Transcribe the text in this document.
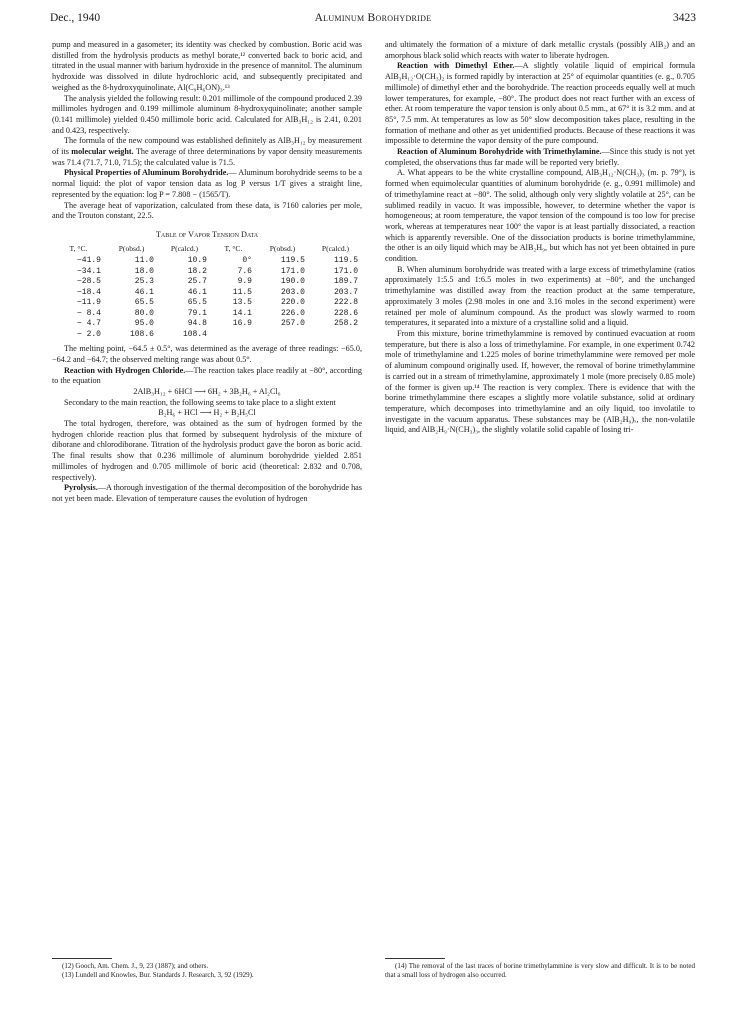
Dec., 1940	Aluminum Borohydride	3423

pump and measured in a gasometer; its identity was checked by combustion. Boric acid was distilled from the hydrolysis products as methyl borate,¹² converted back to boric acid, and titrated in the usual manner with barium hydroxide in the presence of mannitol. The aluminum hydroxide was dissolved in dilute hydrochloric acid, and subsequently precipitated and weighed as the 8-hydroxyquinolinate, Al(C₉H₆ON)₃.¹³

The analysis yielded the following result: 0.201 millimole of the compound produced 2.39 millimoles hydrogen and 0.199 millimole aluminum 8-hydroxyquinolinate; another sample (0.141 millimole) yielded 0.450 millimole boric acid. Calculated for AlB₃H₁₂ is 2.41, 0.201 and 0.423, respectively.

The formula of the new compound was established definitely as AlB₃H₁₂ by measurement of its molecular weight. The average of three determinations by vapor density measurements was 71.4 (71.7, 71.0, 71.5); the calculated value is 71.5.

Physical Properties of Aluminum Borohydride.— Aluminum borohydride seems to be a normal liquid: the plot of vapor tension data as log P versus 1/T gives a straight line, represented by the equation: log P = 7.808 − (1565/T).

The average heat of vaporization, calculated from these data, is 7160 calories per mole, and the Trouton constant, 22.5.

Table of Vapor Tension Data
T, °C.	P(obsd.)	P(calcd.)	T, °C.	P(obsd.)	P(calcd.)
−41.9	11.0	10.9	0°	119.5	119.5
−34.1	18.0	18.2	7.6	171.0	171.0
−28.5	25.3	25.7	9.9	190.0	189.7
−18.4	46.1	46.1	11.5	203.0	203.7
−11.9	65.5	65.5	13.5	220.0	222.8
− 8.4	80.0	79.1	14.1	226.0	228.6
− 4.7	95.0	94.8	16.9	257.0	258.2
− 2.0	108.6	108.4			

The melting point, −64.5 ± 0.5°, was determined as the average of three readings: −65.0, −64.2 and −64.7; the observed melting range was about 0.5°.

Reaction with Hydrogen Chloride.—The reaction takes place readily at −80°, according to the equation

2AlB₃H₁₂ + 6HCl ⟶ 6H₂ + 3B₂H₆ + Al₂Cl₆

Secondary to the main reaction, the following seems to take place to a slight extent

B₂H₆ + HCl ⟶ H₂ + B₂H₅Cl

The total hydrogen, therefore, was obtained as the sum of hydrogen formed by the hydrogen chloride reaction plus that formed by subsequent hydrolysis of the mixture of diborane and chlorodiborane. Titration of the hydrolysis product gave the boron as boric acid. The final results show that 0.236 millimole of aluminum borohydride yielded 2.851 millimoles of hydrogen and 0.705 millimole of boric acid (theoretical: 2.832 and 0.708, respectively).

Pyrolysis.—A thorough investigation of the thermal decomposition of the borohydride has not yet been made. Elevation of temperature causes the evolution of hydrogen

and ultimately the formation of a mixture of dark metallic crystals (possibly AlB₂) and an amorphous black solid which reacts with water to liberate hydrogen.

Reaction with Dimethyl Ether.—A slightly volatile liquid of empirical formula AlB₃H₁₂·O(CH₃)₂ is formed rapidly by interaction at 25° of equimolar quantities (e. g., 0.705 millimole) of dimethyl ether and the borohydride. The reaction proceeds equally well at much lower temperatures, for example, −80°. The product does not react further with an excess of ether. At room temperature the vapor tension is only about 0.5 mm., at 67° it is 3.2 mm. and at 85°, 7.5 mm. At temperatures as low as 50° slow decomposition takes place, resulting in the formation of methane and other as yet unidentified products. Because of these reactions it was impossible to determine the vapor density of the pure compound.

Reaction of Aluminum Borohydride with Trimethylamine.—Since this study is not yet completed, the observations thus far made will be reported very briefly.

A. What appears to be the white crystalline compound, AlB₃H₁₂·N(CH₃)₃ (m. p. 79°), is formed when equimolecular quantities of aluminum borohydride (e. g., 0.991 millimole) and of trimethylamine react at −80°. The solid, although only very slightly volatile at 25°, can be sublimed readily in vacuo. It was impossible, however, to determine whether the vapor is homogeneous; at room temperature, the vapor tension of the compound is too low for precise work, whereas at temperatures near 100° the vapor is at least partially dissociated, a reaction which is apparently reversible. One of the dissociation products is borine trimethylammine, the other is an oily liquid which may be AlB₂H₉, but which has not yet been obtained in pure condition.

B. When aluminum borohydride was treated with a large excess of trimethylamine (ratios approximately 1:5.5 and 1:6.5 moles in two experiments) at −80°, and the unchanged trimethylamine was distilled away from the reaction product at the same temperature, approximately 3 moles (2.98 moles in one and 3.16 moles in the second experiment) were retained per mole of aluminum compound. As the product was slowly warmed to room temperatures, it separated into a mixture of a crystalline solid and a liquid.

From this mixture, borine trimethylammine is removed by continued evacuation at room temperature, but there is also a loss of trimethylamine. For example, in one experiment 0.742 mole of trimethylamine and 1.225 moles of borine trimethylammine were removed per mole of aluminum compound originally used. If, however, the removal of borine trimethylammine is carried out in a stream of trimethylamine, approximately 1 mole (more precisely 0.85 mole) of the former is given up.¹⁴ The reaction is very complex. There is evidence that with the borine trimethylammine there escapes a slightly more volatile substance, solid at ordinary temperature, which decomposes into trimethylamine and an oily liquid, too involatile to investigate in the vacuum apparatus. These substances may be (AlB₂H₉)ₓ, the non-volatile liquid, and AlB₂H₉·N(CH₃)₃, the slightly volatile solid capable of losing tri-

(12) Gooch, Am. Chem. J., 9, 23 (1887); and others.

(13) Lundell and Knowles, Bur. Standards J. Research, 3, 92 (1929).

(14) The removal of the last traces of borine trimethylammine is very slow and difficult. It is to be noted that a small loss of hydrogen also occurred.
